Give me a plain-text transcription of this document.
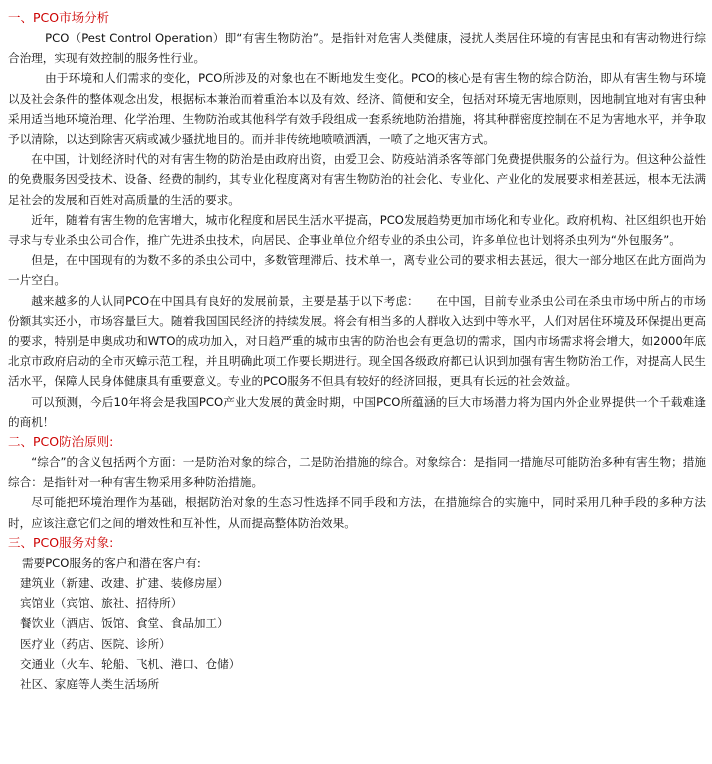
一、PCO市场分析

PCO（Pest Control Operation）即“有害生物防治”。是指针对危害人类健康，浸扰人类居住环境的有害昆虫和有害动物进行综合治理，实现有效控制的服务性行业。

由于环境和人们需求的变化，PCO所涉及的对象也在不断地发生变化。PCO的核心是有害生物的综合防治，即从有害生物与环境以及社会条件的整体观念出发，根据标本兼治而着重治本以及有效、经济、简便和安全，包括对环境无害地原则，因地制宜地对有害虫种采用适当地环境治理、化学治理、生物防治或其他科学有效手段组成一套系统地防治措施，将其种群密度控制在不足为害地水平，并争取予以清除，以达到除害灭病或减少骚扰地目的。而并非传统地喷喷洒洒，一喷了之地灭害方式。

在中国，计划经济时代的对有害生物的防治是由政府出资，由爱卫会、防疫站消杀客等部门免费提供服务的公益行为。但这种公益性的免费服务因受技术、设备、经费的制约，其专业化程度离对有害生物防治的社会化、专业化、产业化的发展要求相差甚远，根本无法满足社会的发展和百姓对高质量的生活的要求。

近年，随着有害生物的危害增大，城市化程度和居民生活水平提高，PCO发展趋势更加市场化和专业化。政府机构、社区组织也开始寻求与专业杀虫公司合作，推广先进杀虫技术，向居民、企事业单位介绍专业的杀虫公司，许多单位也计划将杀虫列为“外包服务”。

但是，在中国现有的为数不多的杀虫公司中，多数管理滞后、技术单一，离专业公司的要求相去甚远，很大一部分地区在此方面尚为一片空白。

越来越多的人认同PCO在中国具有良好的发展前景，主要是基于以下考虑：　　在中国，目前专业杀虫公司在杀虫市场中所占的市场份额其实还小，市场容量巨大。随着我国国民经济的持续发展。将会有相当多的人群收入达到中等水平，人们对居住环境及环保提出更高的要求，特别是申奥成功和WTO的成功加入，对日趋严重的城市虫害的防治也会有更急切的需求，国内市场需求将会增大，如2000年底北京市政府启动的全市灭蟑示范工程，并且明确此项工作要长期进行。现全国各级政府都已认识到加强有害生物防治工作，对提高人民生活水平，保障人民身体健康具有重要意义。专业的PCO服务不但具有较好的经济回报，更具有长远的社会效益。

可以预测，今后10年将会是我国PCO产业大发展的黄金时期，中国PCO所蕴涵的巨大市场潜力将为国内外企业界提供一个千载难逢的商机！

二、PCO防治原则:

“综合”的含义包括两个方面：一是防治对象的综合，二是防治措施的综合。对象综合：是指同一措施尽可能防治多种有害生物；措施综合：是指针对一种有害生物采用多种防治措施。

尽可能把环境治理作为基础，根据防治对象的生态习性选择不同手段和方法，在措施综合的实施中，同时采用几种手段的多种方法时，应该注意它们之间的增效性和互补性，从而提高整体防治效果。

三、PCO服务对象:
需要PCO服务的客户和潜在客户有:
建筑业（新建、改建、扩建、装修房屋）
宾馆业（宾馆、旅社、招待所）
餐饮业（酒店、饭馆、食堂、食品加工）
医疗业（药店、医院、诊所）
交通业（火车、轮船、飞机、港口、仓储）
社区、家庭等人类生活场所
